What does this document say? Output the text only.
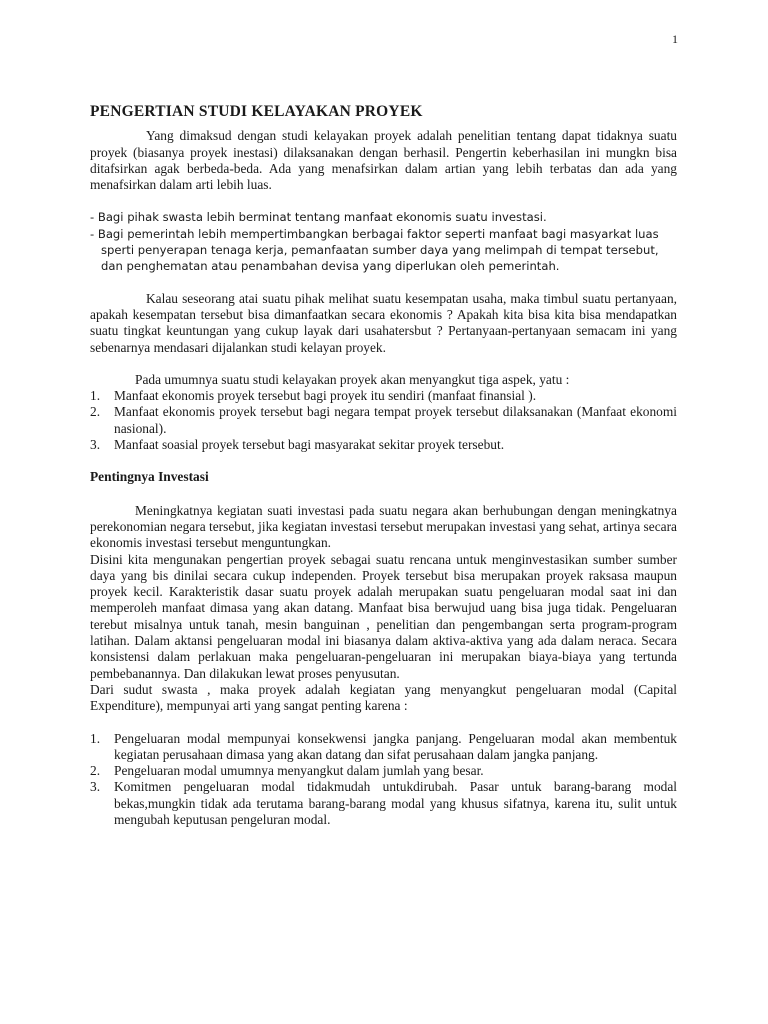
1
PENGERTIAN STUDI KELAYAKAN PROYEK

Yang dimaksud dengan studi kelayakan proyek adalah penelitian tentang dapat tidaknya suatu proyek (biasanya proyek inestasi) dilaksanakan dengan berhasil. Pengertin keberhasilan ini mungkn bisa ditafsirkan agak berbeda-beda. Ada yang menafsirkan dalam artian yang lebih terbatas dan ada yang menafsirkan dalam arti lebih luas.

- Bagi pihak swasta lebih berminat tentang manfaat ekonomis suatu investasi.
- Bagi pemerintah lebih mempertimbangkan berbagai faktor seperti manfaat bagi masyarkat luas sperti penyerapan tenaga kerja, pemanfaatan sumber daya yang melimpah di tempat tersebut, dan penghematan atau penambahan devisa yang diperlukan oleh pemerintah.

Kalau seseorang atai suatu pihak melihat suatu kesempatan usaha, maka timbul suatu pertanyaan, apakah kesempatan tersebut bisa dimanfaatkan secara ekonomis ? Apakah kita bisa kita bisa mendapatkan suatu tingkat keuntungan yang cukup layak dari usahatersbut ? Pertanyaan-pertanyaan semacam ini yang sebenarnya mendasari dijalankan studi kelayan proyek.

Pada umumnya suatu studi kelayakan proyek akan menyangkut tiga aspek, yatu :

1.	Manfaat ekonomis proyek tersebut bagi proyek itu sendiri (manfaat finansial ).
2.	Manfaat ekonomis proyek tersebut bagi negara tempat proyek tersebut dilaksanakan (Manfaat ekonomi nasional).
3.	Manfaat soasial proyek tersebut bagi masyarakat sekitar proyek tersebut.
Pentingnya Investasi

Meningkatnya kegiatan suati investasi pada suatu negara akan berhubungan dengan meningkatnya perekonomian negara tersebut, jika kegiatan investasi tersebut merupakan investasi yang sehat, artinya secara ekonomis investasi tersebut menguntungkan.

Disini kita mengunakan pengertian proyek sebagai suatu rencana untuk menginvestasikan sumber sumber daya yang bis dinilai secara cukup independen. Proyek tersebut bisa merupakan proyek raksasa maupun proyek kecil. Karakteristik dasar suatu proyek adalah merupakan suatu pengeluaran modal saat ini dan memperoleh manfaat dimasa yang akan datang. Manfaat bisa berwujud uang bisa juga tidak. Pengeluaran terebut misalnya untuk tanah, mesin banguinan , penelitian dan pengembangan serta program-program latihan. Dalam aktansi pengeluaran modal ini biasanya dalam aktiva-aktiva yang ada dalam neraca. Secara konsistensi dalam perlakuan maka pengeluaran-pengeluaran ini merupakan biaya-biaya yang tertunda pembebanannya. Dan dilakukan lewat proses penyusutan.

Dari sudut swasta , maka proyek adalah kegiatan yang menyangkut pengeluaran modal (Capital Expenditure), mempunyai arti yang sangat penting karena :

1.	Pengeluaran modal mempunyai konsekwensi jangka panjang. Pengeluaran modal akan membentuk kegiatan perusahaan dimasa yang akan datang dan sifat perusahaan dalam jangka panjang.
2.	Pengeluaran modal umumnya menyangkut dalam jumlah yang besar.
3.	Komitmen pengeluaran modal tidakmudah untukdirubah. Pasar untuk barang-barang modal bekas,mungkin tidak ada terutama barang-barang modal yang khusus sifatnya, karena itu, sulit untuk mengubah keputusan pengeluran modal.
